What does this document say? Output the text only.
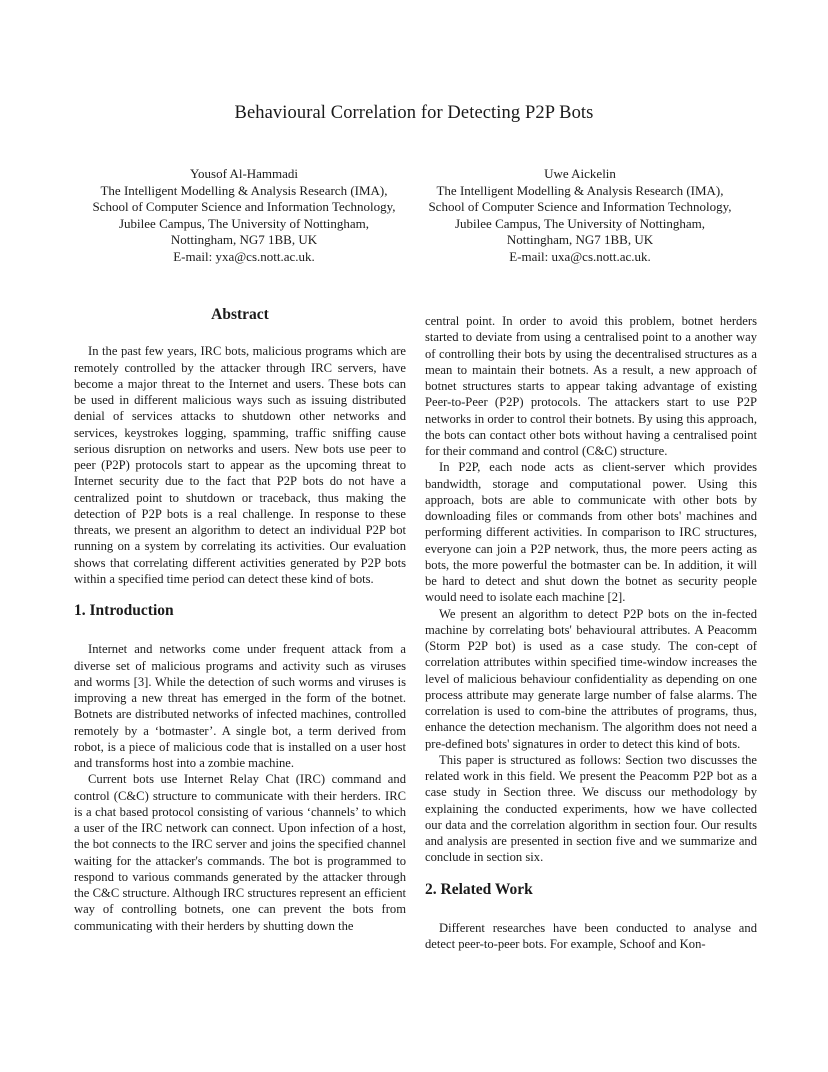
Behavioural Correlation for Detecting P2P Bots
Yousof Al-Hammadi
The Intelligent Modelling & Analysis Research (IMA),
School of Computer Science and Information Technology,
Jubilee Campus, The University of Nottingham,
Nottingham, NG7 1BB, UK
E-mail: yxa@cs.nott.ac.uk.
Uwe Aickelin
The Intelligent Modelling & Analysis Research (IMA),
School of Computer Science and Information Technology,
Jubilee Campus, The University of Nottingham,
Nottingham, NG7 1BB, UK
E-mail: uxa@cs.nott.ac.uk.
Abstract

In the past few years, IRC bots, malicious programs which are remotely controlled by the attacker through IRC servers, have become a major threat to the Internet and users. These bots can be used in different malicious ways such as issuing distributed denial of services attacks to shutdown other networks and services, keystrokes logging, spamming, traffic sniffing cause serious disruption on networks and users. New bots use peer to peer (P2P) protocols start to appear as the upcoming threat to Internet security due to the fact that P2P bots do not have a centralized point to shutdown or traceback, thus making the detection of P2P bots is a real challenge. In response to these threats, we present an algorithm to detect an individual P2P bot running on a system by correlating its activities. Our evaluation shows that correlating different activities generated by P2P bots within a specified time period can detect these kind of bots.

1. Introduction

Internet and networks come under frequent attack from a diverse set of malicious programs and activity such as viruses and worms [3]. While the detection of such worms and viruses is improving a new threat has emerged in the form of the botnet. Botnets are distributed networks of infected machines, controlled remotely by a ‘botmaster’. A single bot, a term derived from robot, is a piece of malicious code that is installed on a user host and transforms host into a zombie machine.

Current bots use Internet Relay Chat (IRC) command and control (C&C) structure to communicate with their herders. IRC is a chat based protocol consisting of various ‘channels’ to which a user of the IRC network can connect. Upon infection of a host, the bot connects to the IRC server and joins the specified channel waiting for the attacker's commands. The bot is programmed to respond to various commands generated by the attacker through the C&C structure. Although IRC structures represent an efficient way of controlling botnets, one can prevent the bots from communicating with their herders by shutting down the

central point. In order to avoid this problem, botnet herders started to deviate from using a centralised point to a another way of controlling their bots by using the decentralised structures as a mean to maintain their botnets. As a result, a new approach of botnet structures starts to appear taking advantage of existing Peer-to-Peer (P2P) protocols. The attackers start to use P2P networks in order to control their botnets. By using this approach, the bots can contact other bots without having a centralised point for their command and control (C&C) structure.

In P2P, each node acts as client-server which provides bandwidth, storage and computational power. Using this approach, bots are able to communicate with other bots by downloading files or commands from other bots' machines and performing different activities. In comparison to IRC structures, everyone can join a P2P network, thus, the more peers acting as bots, the more powerful the botmaster can be. In addition, it will be hard to detect and shut down the botnet as security people would need to isolate each machine [2].

We present an algorithm to detect P2P bots on the in-fected machine by correlating bots' behavioural attributes. A Peacomm (Storm P2P bot) is used as a case study. The con-cept of correlation attributes within specified time-window increases the level of malicious behaviour confidentiality as depending on one process attribute may generate large number of false alarms. The correlation is used to com-bine the attributes of programs, thus, enhance the detection mechanism. The algorithm does not need a pre-defined bots' signatures in order to detect this kind of bots.

This paper is structured as follows: Section two discusses the related work in this field. We present the Peacomm P2P bot as a case study in Section three. We discuss our methodology by explaining the conducted experiments, how we have collected our data and the correlation algorithm in section four. Our results and analysis are presented in section five and we summarize and conclude in section six.

2. Related Work

Different researches have been conducted to analyse and detect peer-to-peer bots. For example, Schoof and Kon-
